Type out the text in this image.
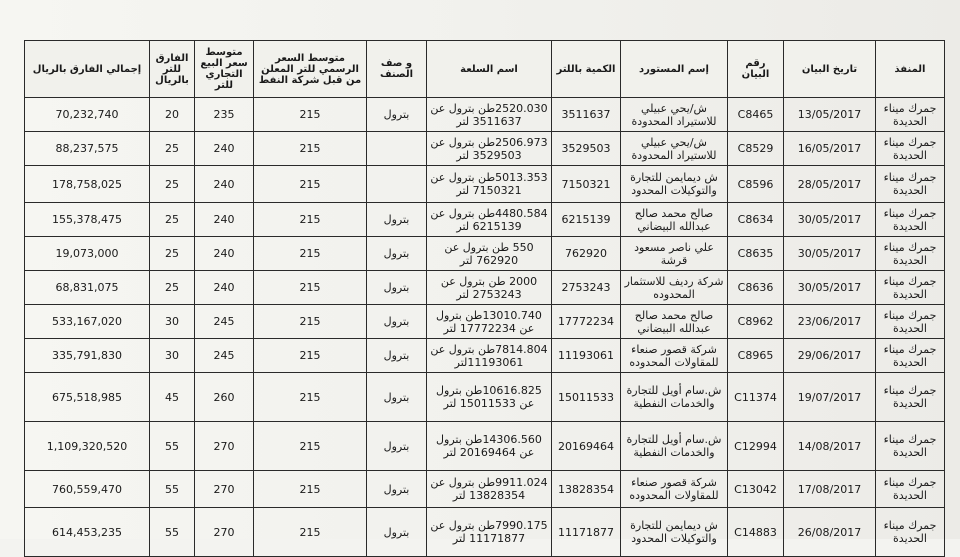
المنفذ	تاريخ البيان	رقم البيان	إسم المستورد	الكمية باللتر	اسم السلعة	و صف الصنف	متوسط السعر الرسمي للتر المعلن من قبل شركة النفط	متوسط سعر البيع التجاري للتر	الفارق للتر بالريال	إجمالي الفارق بالريال
جمرك ميناء الحديدة	13/05/2017	C8465	ش/يحي عبيلي للاستيراد المحدودة	3511637	2520.030طن بترول عن 3511637 لتر	بترول	215	235	20	70,232,740
جمرك ميناء الحديدة	16/05/2017	C8529	ش/يحي عبيلي للاستيراد المحدودة	3529503	2506.973طن بترول عن 3529503 لتر		215	240	25	88,237,575
جمرك ميناء الحديدة	28/05/2017	C8596	ش ديمايمن للتجارة والتوكيلات المحدود	7150321	5013.353طن بترول عن 7150321 لتر		215	240	25	178,758,025
جمرك ميناء الحديدة	30/05/2017	C8634	صالح محمد صالح عبدالله البيضاني	6215139	4480.584طن بترول عن 6215139 لتر	بترول	215	240	25	155,378,475
جمرك ميناء الحديدة	30/05/2017	C8635	علي ناصر مسعود قرشة	762920	550 طن بترول عن 762920 لتر	بترول	215	240	25	19,073,000
جمرك ميناء الحديدة	30/05/2017	C8636	شركة رديف للاستثمار المحدوده	2753243	2000 طن بترول عن 2753243 لتر	بترول	215	240	25	68,831,075
جمرك ميناء الحديدة	23/06/2017	C8962	صالح محمد صالح عبدالله البيضاني	17772234	13010.740طن بترول عن 17772234 لتر	بترول	215	245	30	533,167,020
جمرك ميناء الحديدة	29/06/2017	C8965	شركة قصور صنعاء للمقاولات المحدوده	11193061	7814.804طن بترول عن 11193061لتر	بترول	215	245	30	335,791,830
جمرك ميناء الحديدة	19/07/2017	C11374	ش.سام أويل للتجارة والخدمات النفطية	15011533	10616.825طن بترول عن 15011533 لتر	بترول	215	260	45	675,518,985
جمرك ميناء الحديدة	14/08/2017	C12994	ش.سام أويل للتجارة والخدمات النفطية	20169464	14306.560طن بترول عن 20169464 لتر	بترول	215	270	55	1,109,320,520
جمرك ميناء الحديدة	17/08/2017	C13042	شركة قصور صنعاء للمقاولات المحدوده	13828354	9911.024طن بترول عن 13828354 لتر	بترول	215	270	55	760,559,470
جمرك ميناء الحديدة	26/08/2017	C14883	ش ديمايمن للتجارة والتوكيلات المحدود	11171877	7990.175طن بترول عن 11171877 لتر	بترول	215	270	55	614,453,235
